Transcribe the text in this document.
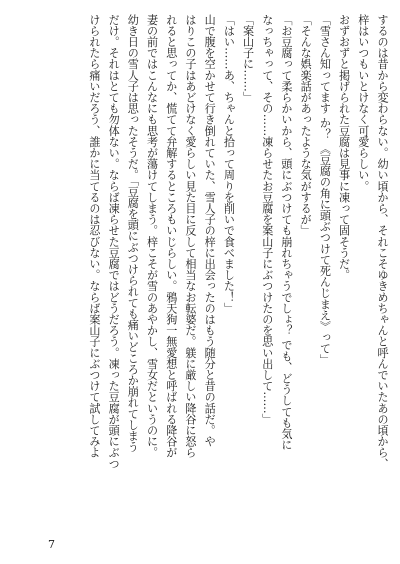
するのは昔から変わらない。幼い頃から、それこそゆきめちゃんと呼んでいたあの頃から、
梓はいつもいとけなく可愛らしい。
おずおずと掲げられた豆腐は見事に凍って固そうだ。
「雪さん知ってます か？ 《豆腐の角に頭ぶつけて死んじまえ》って」
「そんな娯楽話があったような気がするが」
「お豆腐って柔らかいから、頭にぶつけても崩れちゃうでしょ？ でも、どうしても気に
なっちゃって、その……凍らせたお豆腐を案山子にぶつけたのを思い出して……」
「案山子に……」
「はい……あ、ちゃんと拾って周りを削いで食べました！」
山で腹を空かせて行き倒れていた、雪人子の梓に出会ったのはもう随分と昔の話だ。や
はりこの子はあどけなく愛らしい見た目に反して相当なお転婆だ。躾に厳しい降谷に怒ら
れると思ってか、慌てて弁解するところもいじらしい。鴉天狗一無愛想と呼ばれる降谷が
妻の前ではこんなにも思考が蕩けてしまう。梓こそが雪のあやかし、雪女だというのに。
幼き日の雪人子は思ったそうだ。「豆腐を頭にぶつけられても痛いどころか崩れてしまう
だけ。それはとても勿体ない。ならば凍らせた豆腐ではどうだろう。凍った豆腐が頭にぶつ
けられたら痛いだろう、誰かに当てるのは忍びない。ならば案山子にぶつけて試してみよ
7
